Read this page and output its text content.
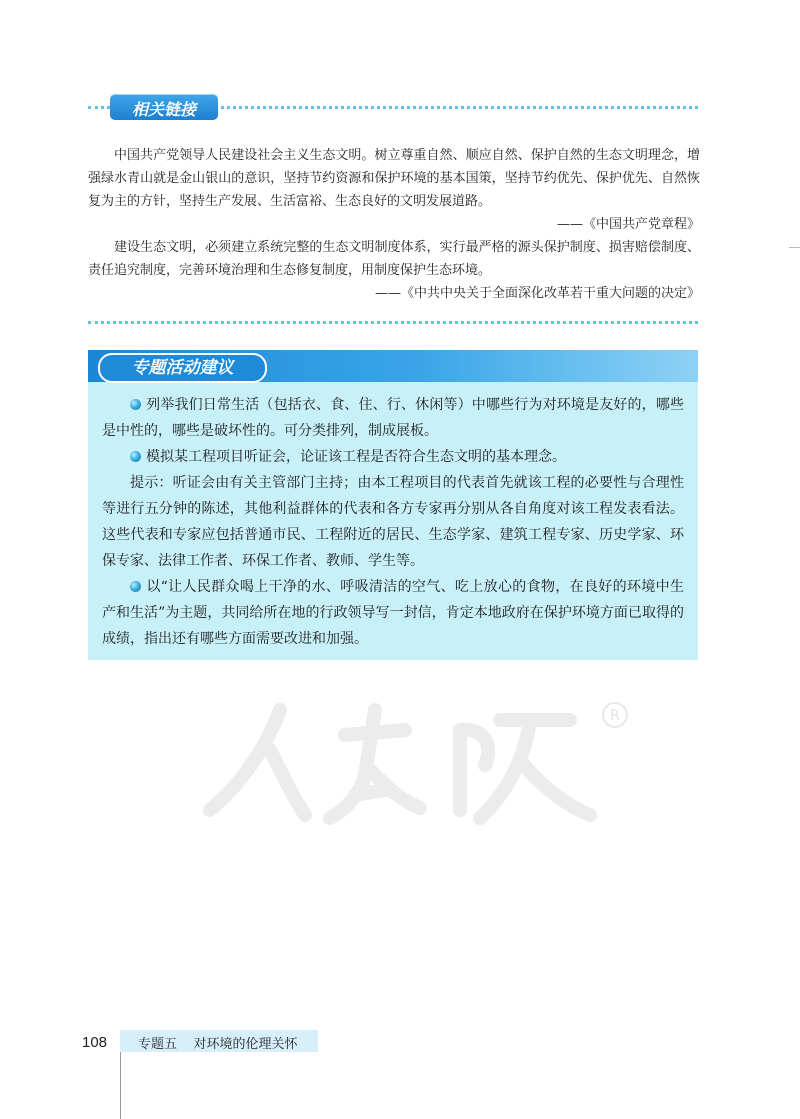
相关链接

中国共产党领导人民建设社会主义生态文明。树立尊重自然、顺应自然、保护自然的生态文明理念，增强绿水青山就是金山银山的意识，坚持节约资源和保护环境的基本国策，坚持节约优先、保护优先、自然恢复为主的方针，坚持生产发展、生活富裕、生态良好的文明发展道路。

——《中国共产党章程》

建设生态文明，必须建立系统完整的生态文明制度体系，实行最严格的源头保护制度、损害赔偿制度、责任追究制度，完善环境治理和生态修复制度，用制度保护生态环境。

——《中共中央关于全面深化改革若干重大问题的决定》

专题活动建议

列举我们日常生活（包括衣、食、住、行、休闲等）中哪些行为对环境是友好的，哪些是中性的，哪些是破坏性的。可分类排列，制成展板。

模拟某工程项目听证会，论证该工程是否符合生态文明的基本理念。

提示：听证会由有关主管部门主持；由本工程项目的代表首先就该工程的必要性与合理性等进行五分钟的陈述，其他利益群体的代表和各方专家再分别从各自角度对该工程发表看法。这些代表和专家应包括普通市民、工程附近的居民、生态学家、建筑工程专家、历史学家、环保专家、法律工作者、环保工作者、教师、学生等。

以“让人民群众喝上干净的水、呼吸清洁的空气、吃上放心的食物，在良好的环境中生产和生活”为主题，共同给所在地的行政领导写一封信，肯定本地政府在保护环境方面已取得的成绩，指出还有哪些方面需要改进和加强。

R
108 专题五    对环境的伦理关怀
